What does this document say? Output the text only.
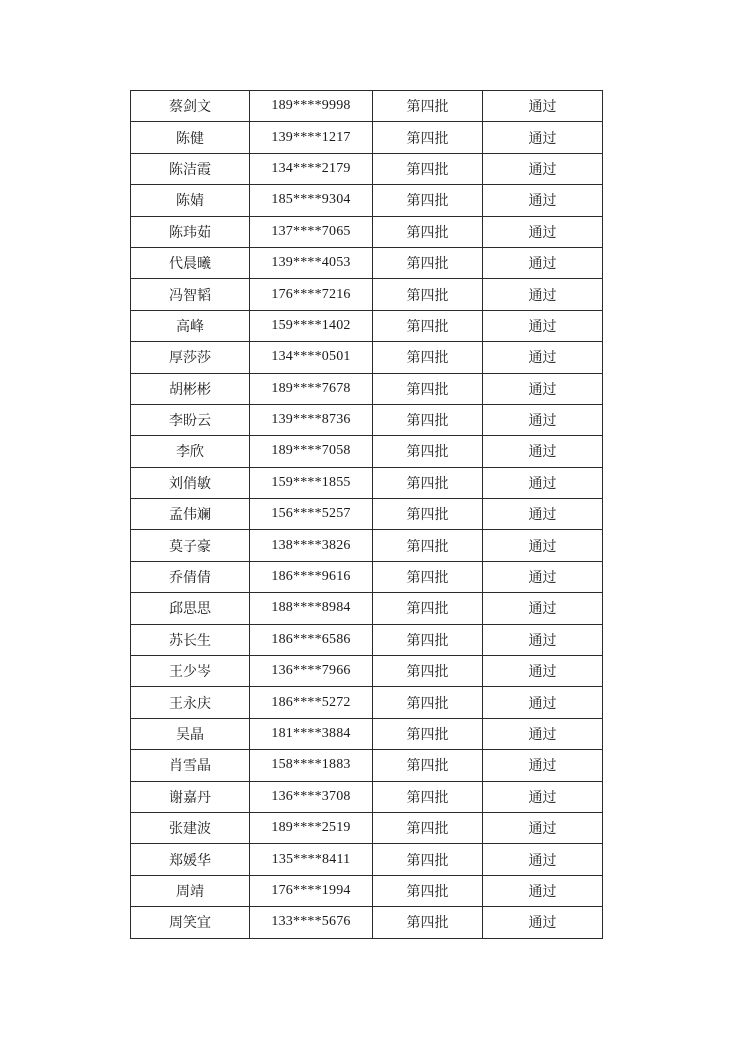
蔡剑文	189****9998	第四批	通过
陈健	139****1217	第四批	通过
陈洁霞	134****2179	第四批	通过
陈婧	185****9304	第四批	通过
陈玮茹	137****7065	第四批	通过
代晨曦	139****4053	第四批	通过
冯智韬	176****7216	第四批	通过
高峰	159****1402	第四批	通过
厚莎莎	134****0501	第四批	通过
胡彬彬	189****7678	第四批	通过
李盼云	139****8736	第四批	通过
李欣	189****7058	第四批	通过
刘俏敏	159****1855	第四批	通过
孟伟斓	156****5257	第四批	通过
莫子豪	138****3826	第四批	通过
乔倩倩	186****9616	第四批	通过
邱思思	188****8984	第四批	通过
苏长生	186****6586	第四批	通过
王少岑	136****7966	第四批	通过
王永庆	186****5272	第四批	通过
吴晶	181****3884	第四批	通过
肖雪晶	158****1883	第四批	通过
谢嘉丹	136****3708	第四批	通过
张建波	189****2519	第四批	通过
郑媛华	135****8411	第四批	通过
周靖	176****1994	第四批	通过
周笑宜	133****5676	第四批	通过
